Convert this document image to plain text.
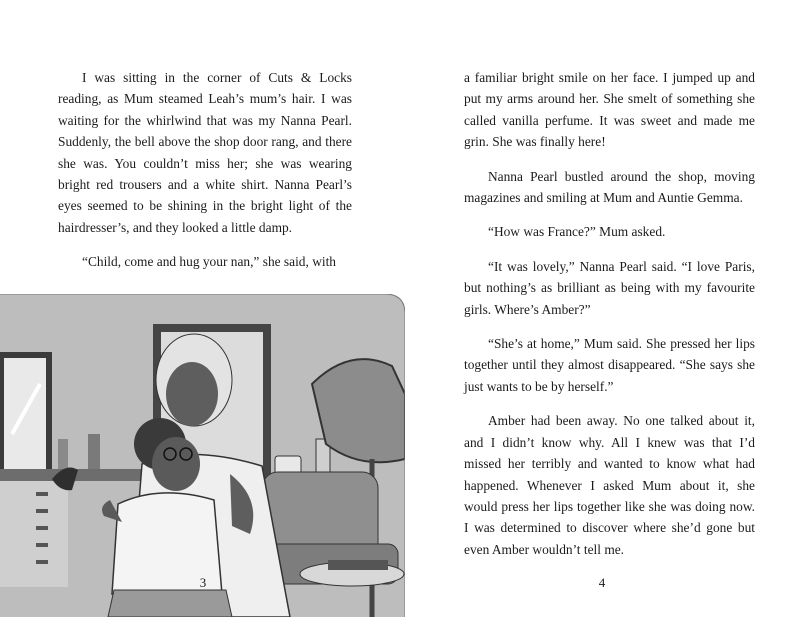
I was sitting in the corner of Cuts & Locks reading, as Mum steamed Leah’s mum’s hair. I was waiting for the whirlwind that was my Nanna Pearl. Suddenly, the bell above the shop door rang, and there she was. You couldn’t miss her; she was wearing bright red trousers and a white shirt. Nanna Pearl’s eyes seemed to be shining in the bright light of the hairdresser’s, and they looked a little damp.

“Child, come and hug your nan,” she said, with

3

a familiar bright smile on her face. I jumped up and put my arms around her. She smelt of something she called vanilla perfume. It was sweet and made me grin. She was finally here!

Nanna Pearl bustled around the shop, moving magazines and smiling at Mum and Auntie Gemma.

“How was France?” Mum asked.

“It was lovely,” Nanna Pearl said. “I love Paris, but nothing’s as brilliant as being with my favourite girls. Where’s Amber?”

“She’s at home,” Mum said. She pressed her lips together until they almost disappeared. “She says she just wants to be by herself.”

Amber had been away. No one talked about it, and I didn’t know why. All I knew was that I’d missed her terribly and wanted to know what had happened. Whenever I asked Mum about it, she would press her lips together like she was doing now. I was determined to discover where she’d gone but even Amber wouldn’t tell me.

4
